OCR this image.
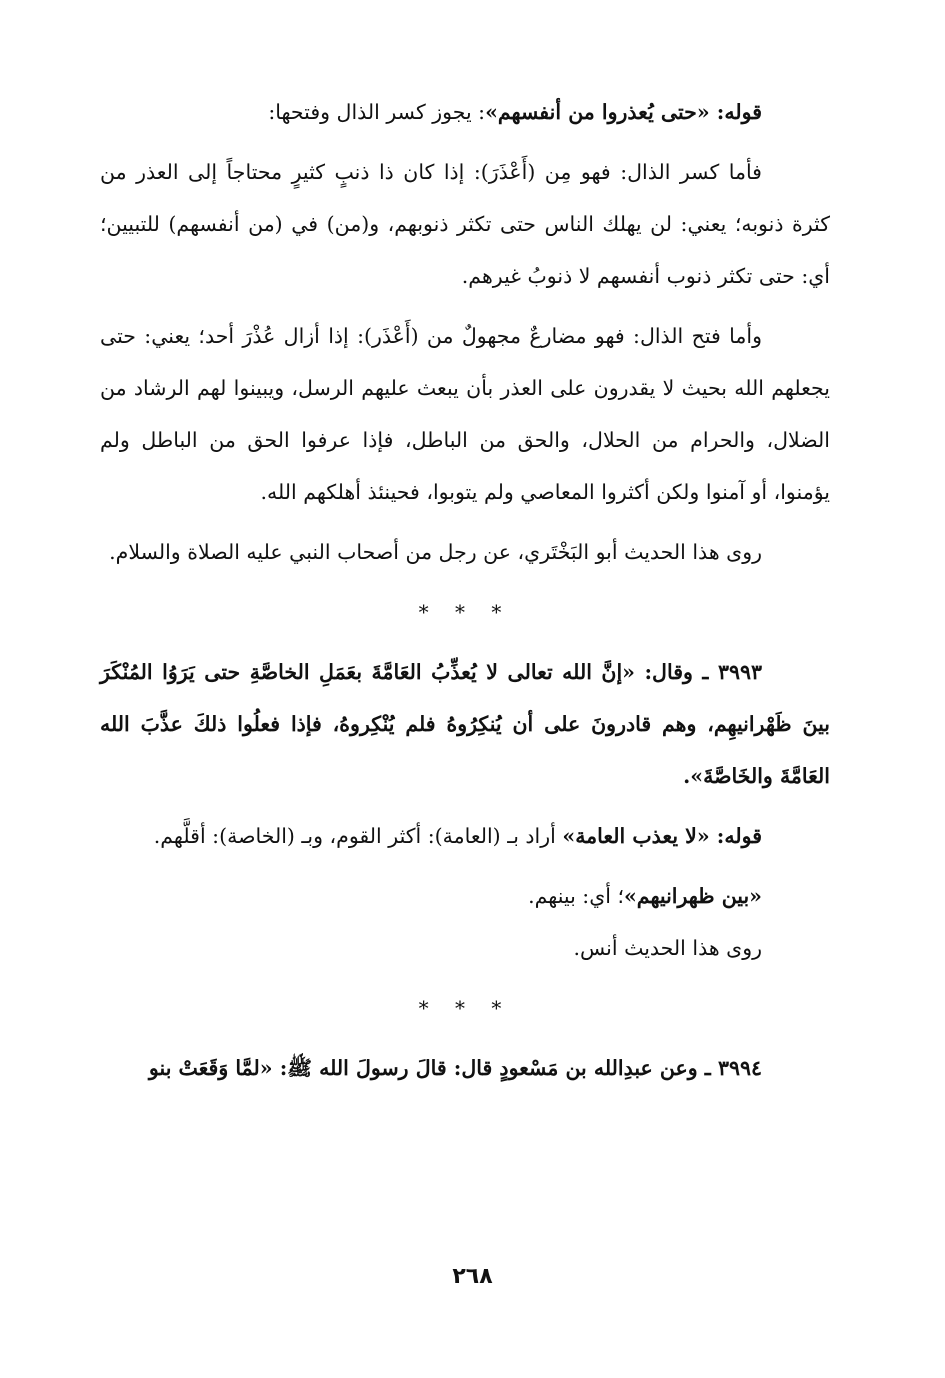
قوله: «حتى يُعذروا من أنفسهم»: يجوز كسر الذال وفتحها:

فأما كسر الذال: فهو مِن (أَعْذَرَ): إذا كان ذا ذنبٍ كثيرٍ محتاجاً إلى العذر من كثرة ذنوبه؛ يعني: لن يهلك الناس حتى تكثر ذنوبهم، و(من) في (من أنفسهم) للتبيين؛ أي: حتى تكثر ذنوب أنفسهم لا ذنوبُ غيرهم.

وأما فتح الذال: فهو مضارعٌ مجهولٌ من (أَعْذَر): إذا أزال عُذْرَ أحد؛ يعني: حتى يجعلهم الله بحيث لا يقدرون على العذر بأن يبعث عليهم الرسل، ويبينوا لهم الرشاد من الضلال، والحرام من الحلال، والحق من الباطل، فإذا عرفوا الحق من الباطل ولم يؤمنوا، أو آمنوا ولكن أكثروا المعاصي ولم يتوبوا، فحينئذ أهلكهم الله.

روى هذا الحديث أبو البَخْتَري، عن رجل من أصحاب النبي عليه الصلاة والسلام.

* * *

٣٩٩٣ ـ وقال: «إنَّ الله تعالى لا يُعذِّبُ العَامَّةَ بعَمَلِ الخاصَّةِ حتى يَرَوُا المُنْكَرَ بينَ ظَهْرانيهِم، وهم قادرونَ على أن يُنكِرُوهُ فلم يُنْكِروهُ، فإذا فعلُوا ذلكَ عذَّبَ الله العَامَّةَ والخَاصَّةَ».

قوله: «لا يعذب العامة» أراد بـ (العامة): أكثر القوم، وبـ (الخاصة): أقلَّهم.

«بين ظهرانيهم»؛ أي: بينهم.

روى هذا الحديث أنس.

* * *

٣٩٩٤ ـ وعن عبدِالله بن مَسْعودٍ قال: قالَ رسولَ الله ﷺ: «لمَّا وَقَعَتْ بنو

٢٦٨
